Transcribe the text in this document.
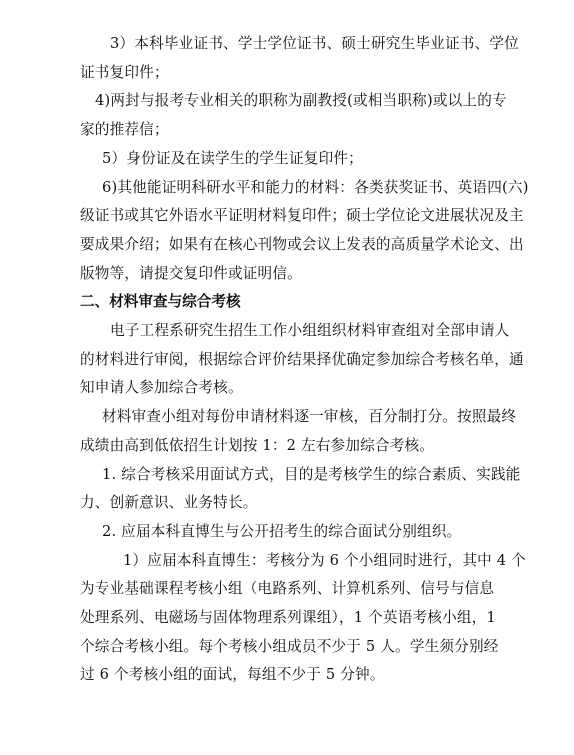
3）本科毕业证书、学士学位证书、硕士研究生毕业证书、学位
证书复印件；
4)两封与报考专业相关的职称为副教授(或相当职称)或以上的专
家的推荐信；
5）身份证及在读学生的学生证复印件；
6)其他能证明科研水平和能力的材料：各类获奖证书、英语四(六)
级证书或其它外语水平证明材料复印件；硕士学位论文进展状况及主
要成果介绍；如果有在核心刊物或会议上发表的高质量学术论文、出
版物等，请提交复印件或证明信。
二、材料审查与综合考核
电子工程系研究生招生工作小组组织材料审查组对全部申请人
的材料进行审阅，根据综合评价结果择优确定参加综合考核名单，通
知申请人参加综合考核。
材料审查小组对每份申请材料逐一审核，百分制打分。按照最终
成绩由高到低依招生计划按 1：2 左右参加综合考核。
1. 综合考核采用面试方式，目的是考核学生的综合素质、实践能
力、创新意识、业务特长。
2. 应届本科直博生与公开招考生的综合面试分别组织。
1）应届本科直博生：考核分为 6 个小组同时进行，其中 4 个
为专业基础课程考核小组（电路系列、计算机系列、信号与信息
处理系列、电磁场与固体物理系列课组），1 个英语考核小组，1
个综合考核小组。每个考核小组成员不少于 5 人。学生须分别经
过 6 个考核小组的面试，每组不少于 5 分钟。
